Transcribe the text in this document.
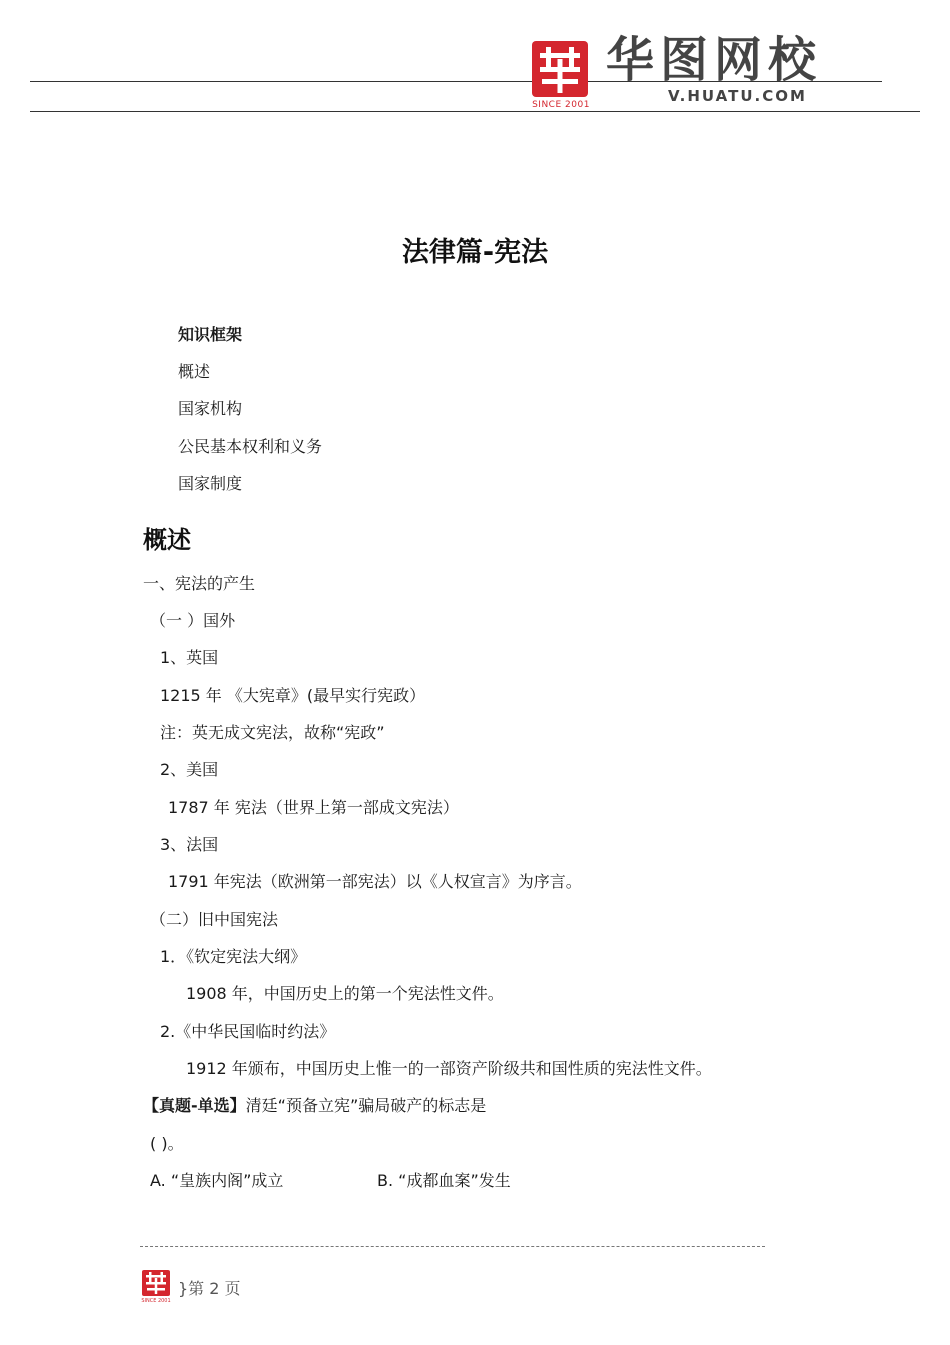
SINCE 2001
华图网校
V.HUATU.COM
法律篇-宪法
知识框架
概述
国家机构
公民基本权利和义务
国家制度
概述
一、宪法的产生
（一 ）国外
1、英国
1215 年 《大宪章》(最早实行宪政）
注：英无成文宪法，故称“宪政”
2、美国
1787 年 宪法（世界上第一部成文宪法）
3、法国
1791 年宪法（欧洲第一部宪法）以《人权宣言》为序言。
（二）旧中国宪法
1．《钦定宪法大纲》
1908 年，中国历史上的第一个宪法性文件。
2.《中华民国临时约法》
1912 年颁布，中国历史上惟一的一部资产阶级共和国性质的宪法性文件。
【真题-单选】清廷“预备立宪”骗局破产的标志是
( )。
A. “皇族内阁”成立	B. “成都血案”发生
SINCE 2001
}第 2 页
